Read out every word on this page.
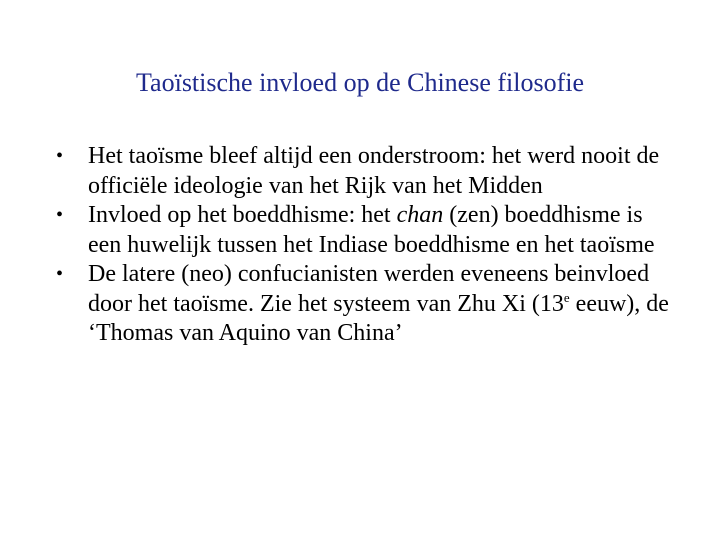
Taoïstische invloed op de Chinese filosofie
•	Het taoïsme bleef altijd een onderstroom: het werd nooit de officiële ideologie van het Rijk van het Midden
•	Invloed op het boeddhisme: het chan (zen) boeddhisme is een huwelijk tussen het Indiase boeddhisme en het taoïsme
•	De latere (neo) confucianisten werden eveneens beinvloed door het taoïsme. Zie het systeem van Zhu Xi (13e eeuw), de ‘Thomas van Aquino van China’
